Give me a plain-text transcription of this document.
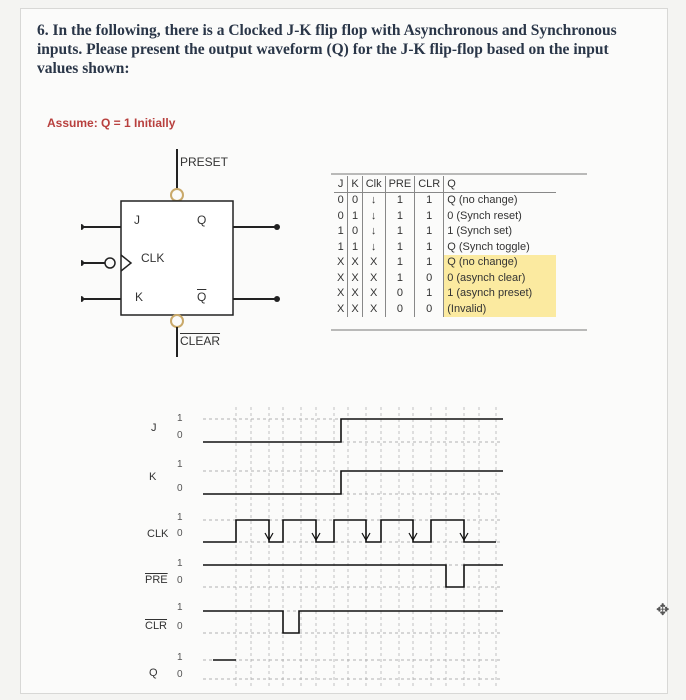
6. In the following, there is a Clocked J-K flip flop with Asynchronous and Synchronous inputs. Please present the output waveform (Q) for the J-K flip-flop based on the input values shown:
Assume: Q = 1 Initially
PRESET
CLEAR
J
K
CLK
Q
$\overline{Q}$
J	K	Clk	PRE	CLR	Q
0	0	↓	1	1	Q (no change)
0	1	↓	1	1	0 (Synch reset)
1	0	↓	1	1	1 (Synch set)
1	1	↓	1	1	Q (Synch toggle)
X	X	X	1	1	Q (no change)
X	X	X	1	0	0 (asynch clear)
X	X	X	0	1	1 (asynch preset)
X	X	X	0	0	(Invalid)
J
K
CLK
$\overline{PRE}$
$\overline{CLR}$
Q
1
0
1
0
1
0
1
0
1
0
1
0
✥
